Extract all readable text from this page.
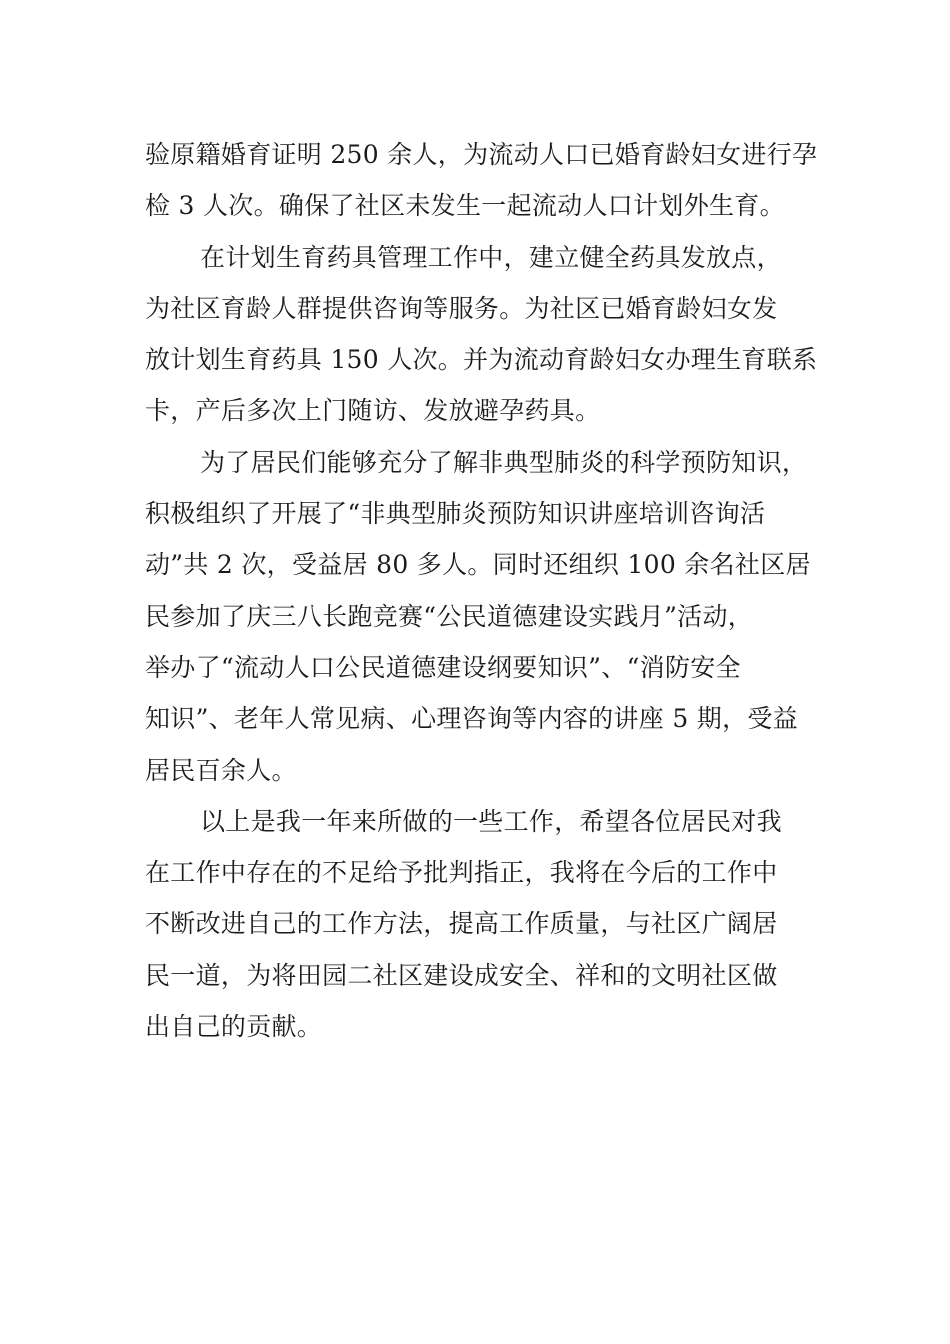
验原籍婚育证明 250 余人，为流动人口已婚育龄妇女进行孕
检 3 人次。确保了社区未发生一起流动人口计划外生育。
在计划生育药具管理工作中，建立健全药具发放点，
为社区育龄人群提供咨询等服务。为社区已婚育龄妇女发
放计划生育药具 150 人次。并为流动育龄妇女办理生育联系
卡，产后多次上门随访、发放避孕药具。
为了居民们能够充分了解非典型肺炎的科学预防知识，
积极组织了开展了“非典型肺炎预防知识讲座培训咨询活
动”共 2 次，受益居 80 多人。同时还组织 100 余名社区居
民参加了庆三八长跑竞赛“公民道德建设实践月”活动，
举办了“流动人口公民道德建设纲要知识”、“消防安全
知识”、老年人常见病、心理咨询等内容的讲座 5 期，受益
居民百余人。
以上是我一年来所做的一些工作，希望各位居民对我
在工作中存在的不足给予批判指正，我将在今后的工作中
不断改进自己的工作方法，提高工作质量，与社区广阔居
民一道，为将田园二社区建设成安全、祥和的文明社区做
出自己的贡献。
